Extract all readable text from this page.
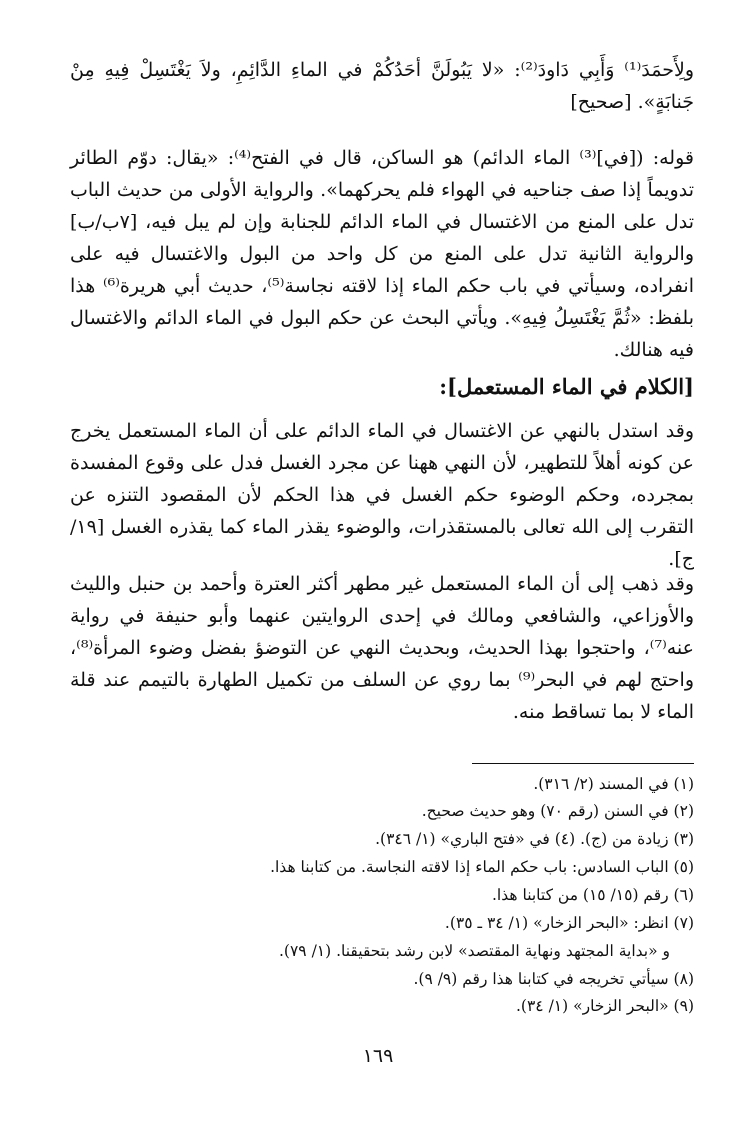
ولِأَحمَدَ⁽¹⁾ وَأَبِي دَاودَ⁽²⁾: «لا يَبُولَنَّ أحَدُكُمْ في الماءِ الدَّائِمِ، ولاَ يَغْتَسِلْ فِيهِ مِنْ جَنابَةٍ». [صحيح]

قوله: ([في]⁽³⁾ الماء الدائم) هو الساكن، قال في الفتح⁽⁴⁾: «يقال: دوّم الطائر تدويماً إذا صف جناحيه في الهواء فلم يحركهما». والرواية الأولى من حديث الباب تدل على المنع من الاغتسال في الماء الدائم للجنابة وإن لم يبل فيه، [٧ب/ب] والرواية الثانية تدل على المنع من كل واحد من البول والاغتسال فيه على انفراده، وسيأتي في باب حكم الماء إذا لاقته نجاسة⁽⁵⁾، حديث أبي هريرة⁽⁶⁾ هذا بلفظ: «ثُمَّ يَغْتَسِلُ فِيهِ». ويأتي البحث عن حكم البول في الماء الدائم والاغتسال فيه هنالك.

[الكلام في الماء المستعمل]:

وقد استدل بالنهي عن الاغتسال في الماء الدائم على أن الماء المستعمل يخرج عن كونه أهلاً للتطهير، لأن النهي ههنا عن مجرد الغسل فدل على وقوع المفسدة بمجرده، وحكم الوضوء حكم الغسل في هذا الحكم لأن المقصود التنزه عن التقرب إلى الله تعالى بالمستقذرات، والوضوء يقذر الماء كما يقذره الغسل [١٩/ ج].

وقد ذهب إلى أن الماء المستعمل غير مطهر أكثر العترة وأحمد بن حنبل والليث والأوزاعي، والشافعي ومالك في إحدى الروايتين عنهما وأبو حنيفة في رواية عنه⁽⁷⁾، واحتجوا بهذا الحديث، وبحديث النهي عن التوضؤ بفضل وضوء المرأة⁽⁸⁾، واحتج لهم في البحر⁽⁹⁾ بما روي عن السلف من تكميل الطهارة بالتيمم عند قلة الماء لا بما تساقط منه.

(١) في المسند (٢/ ٣١٦).

(٢) في السنن (رقم ٧٠) وهو حديث صحيح.

(٣) زيادة من (ج). (٤) في «فتح الباري» (١/ ٣٤٦).

(٥) الباب السادس: باب حكم الماء إذا لاقته النجاسة. من كتابنا هذا.

(٦) رقم (١٥/ ١٥) من كتابنا هذا.

(٧) انظر: «البحر الزخار» (١/ ٣٤ ـ ٣٥).

و «بداية المجتهد ونهاية المقتصد» لابن رشد بتحقيقنا. (١/ ٧٩).

(٨) سيأتي تخريجه في كتابنا هذا رقم (٩/ ٩).

(٩) «البحر الزخار» (١/ ٣٤).

١٦٩
